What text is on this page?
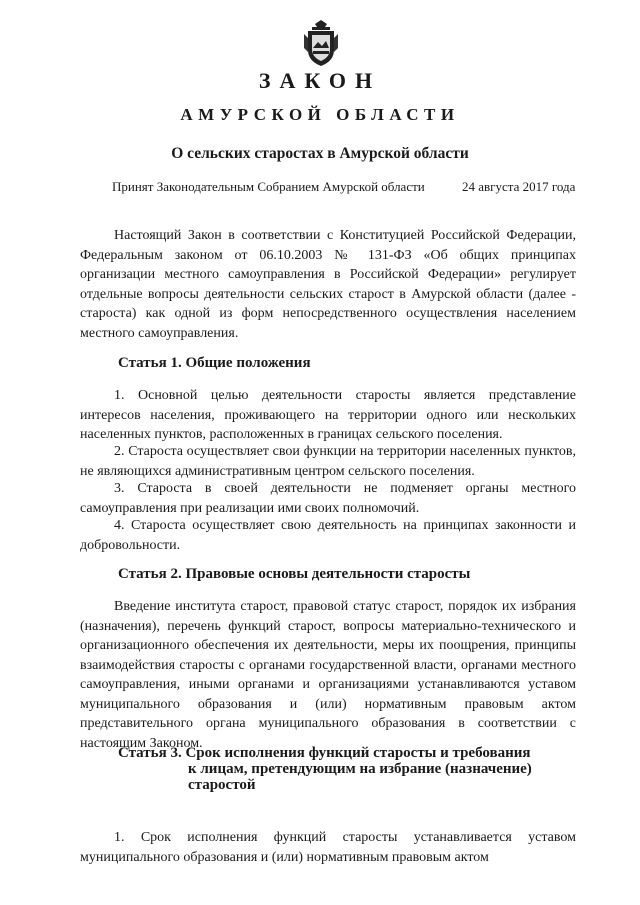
ЗАКОН
АМУРСКОЙ ОБЛАСТИ
О сельских старостах в Амурской области
Принят Законодательным Собранием Амурской области	24 августа 2017 года

Настоящий Закон в соответствии с Конституцией Российской Федерации, Федеральным законом от 06.10.2003 № 131-ФЗ «Об общих принципах организации местного самоуправления в Российской Федерации» регулирует отдельные вопросы деятельности сельских старост в Амурской области (далее - староста) как одной из форм непосредственного осуществления населением местного самоуправления.

Статья 1. Общие положения

1. Основной целью деятельности старосты является представление интересов населения, проживающего на территории одного или нескольких населенных пунктов, расположенных в границах сельского поселения.

2. Староста осуществляет свои функции на территории населенных пунктов, не являющихся административным центром сельского поселения.

3. Староста в своей деятельности не подменяет органы местного самоуправления при реализации ими своих полномочий.

4. Староста осуществляет свою деятельность на принципах законности и добровольности.

Статья 2. Правовые основы деятельности старосты

Введение института старост, правовой статус старост, порядок их избрания (назначения), перечень функций старост, вопросы материально-технического и организационного обеспечения их деятельности, меры их поощрения, принципы взаимодействия старосты с органами государственной власти, органами местного самоуправления, иными органами и организациями устанавливаются уставом муниципального образования и (или) нормативным правовым актом представительного органа муниципального образования в соответствии с настоящим Законом.

Статья 3. Срок исполнения функций старосты и требования
к лицам, претендующим на избрание (назначение)
старостой

1. Срок исполнения функций старосты устанавливается уставом муниципального образования и (или) нормативным правовым актом
